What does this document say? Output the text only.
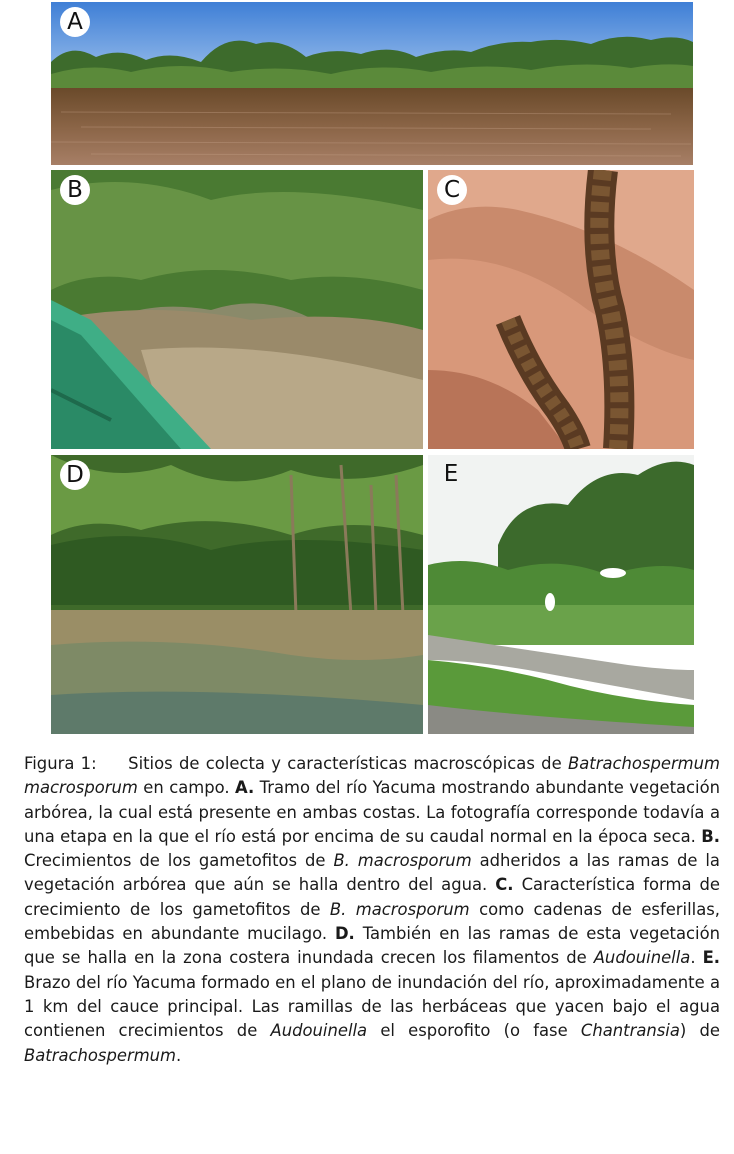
A
B	C
D	E

Figura 1: Sitios de colecta y características macroscópicas de Batrachospermum macrosporum en campo. A. Tramo del río Yacuma mostrando abundante vegetación arbórea, la cual está presente en ambas costas. La fotografía corresponde todavía a una etapa en la que el río está por encima de su caudal normal en la época seca. B. Crecimientos de los gametofitos de B. macrosporum adheridos a las ramas de la vegetación arbórea que aún se halla dentro del agua. C. Característica forma de crecimiento de los gametofitos de B. macrosporum como cadenas de esferillas, embebidas en abundante mucilago. D. También en las ramas de esta vegetación que se halla en la zona costera inundada crecen los filamentos de Audouinella. E. Brazo del río Yacuma formado en el plano de inundación del río, aproximadamente a 1 km del cauce principal. Las ramillas de las herbáceas que yacen bajo el agua contienen crecimientos de Audouinella el esporofito (o fase Chantransia) de Batrachospermum.
